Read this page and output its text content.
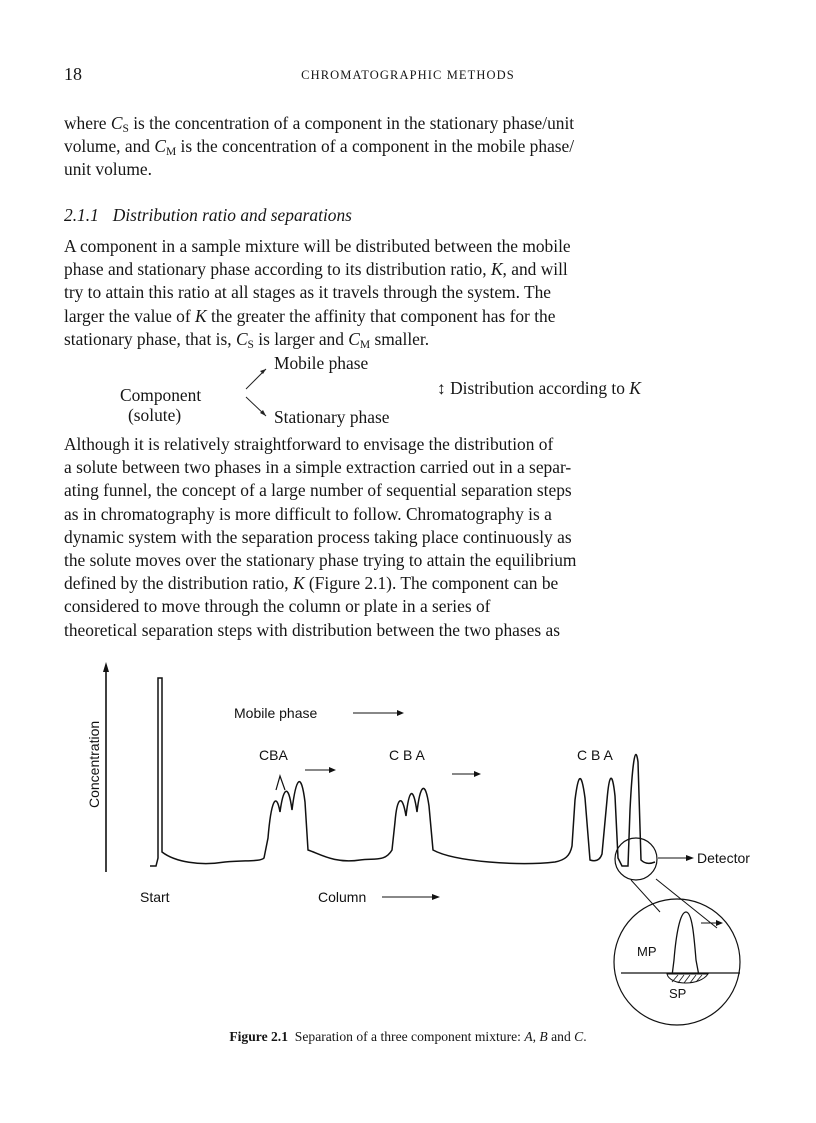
18	CHROMATOGRAPHIC METHODS
where $C_S$ is the concentration of a component in the stationary phase/unit
volume, and $C_M$ is the concentration of a component in the mobile phase/
unit volume.
2.1.1 Distribution ratio and separations
A component in a sample mixture will be distributed between the mobile
phase and stationary phase according to its distribution ratio, K, and will
try to attain this ratio at all stages as it travels through the system. The
larger the value of K the greater the affinity that component has for the
stationary phase, that is, $C_S$ is larger and $C_M$ smaller.
Mobile phase
Component
(solute)	Stationary phase
↕ Distribution according to K
Although it is relatively straightforward to envisage the distribution of
a solute between two phases in a simple extraction carried out in a separ-
ating funnel, the concept of a large number of sequential separation steps
as in chromatography is more difficult to follow. Chromatography is a
dynamic system with the separation process taking place continuously as
the solute moves over the stationary phase trying to attain the equilibrium
defined by the distribution ratio, K (Figure 2.1). The component can be
considered to move through the column or plate in a series of
theoretical separation steps with distribution between the two phases as
Concentration
Mobile phase
CBA	C B A	C B A
Detector
Start	Column
MP
SP
Figure 2.1 Separation of a three component mixture: A, B and C.
